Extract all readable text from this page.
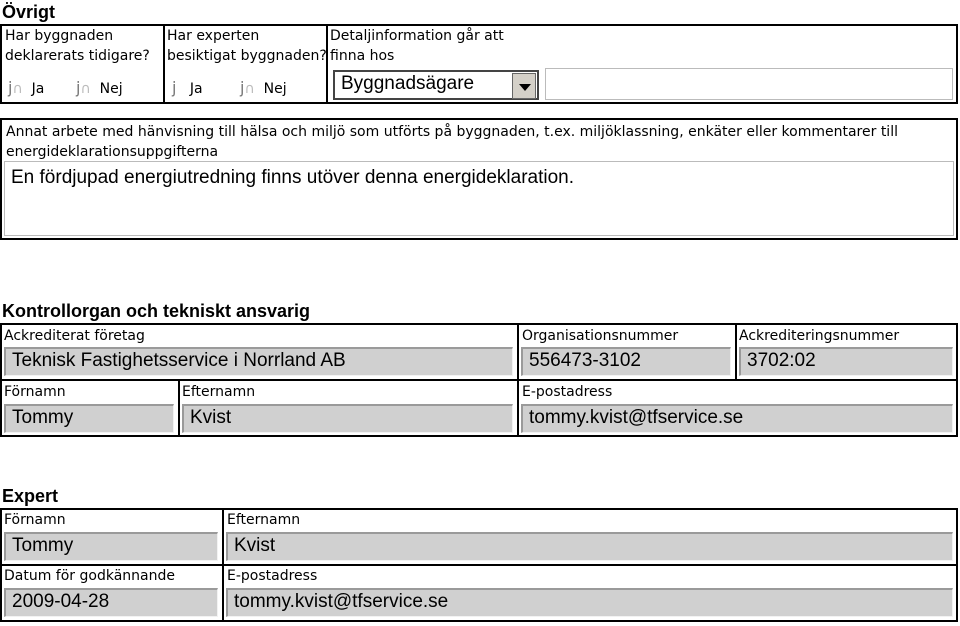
Övrigt
Har byggnaden
deklarerats tidigare?
Har experten
besiktigat byggnaden?
Detaljinformation går att
finna hos
j∩ Ja j∩ Nej	j Ja j∩ Nej	Byggnadsägare
Annat arbete med hänvisning till hälsa och miljö som utförts på byggnaden, t.ex. miljöklassning, enkäter eller kommentarer till
energideklarationsuppgifterna
En fördjupad energiutredning finns utöver denna energideklaration.
Kontrollorgan och tekniskt ansvarig
Ackrediterat företag
Teknisk Fastighetsservice i Norrland AB
Organisationsnummer
556473-3102
Ackrediteringsnummer
3702:02
Förnamn
Tommy
Efternamn
Kvist
E-postadress
tommy.kvist@tfservice.se
Expert
Förnamn
Tommy
Efternamn
Kvist
Datum för godkännande
2009-04-28
E-postadress
tommy.kvist@tfservice.se
